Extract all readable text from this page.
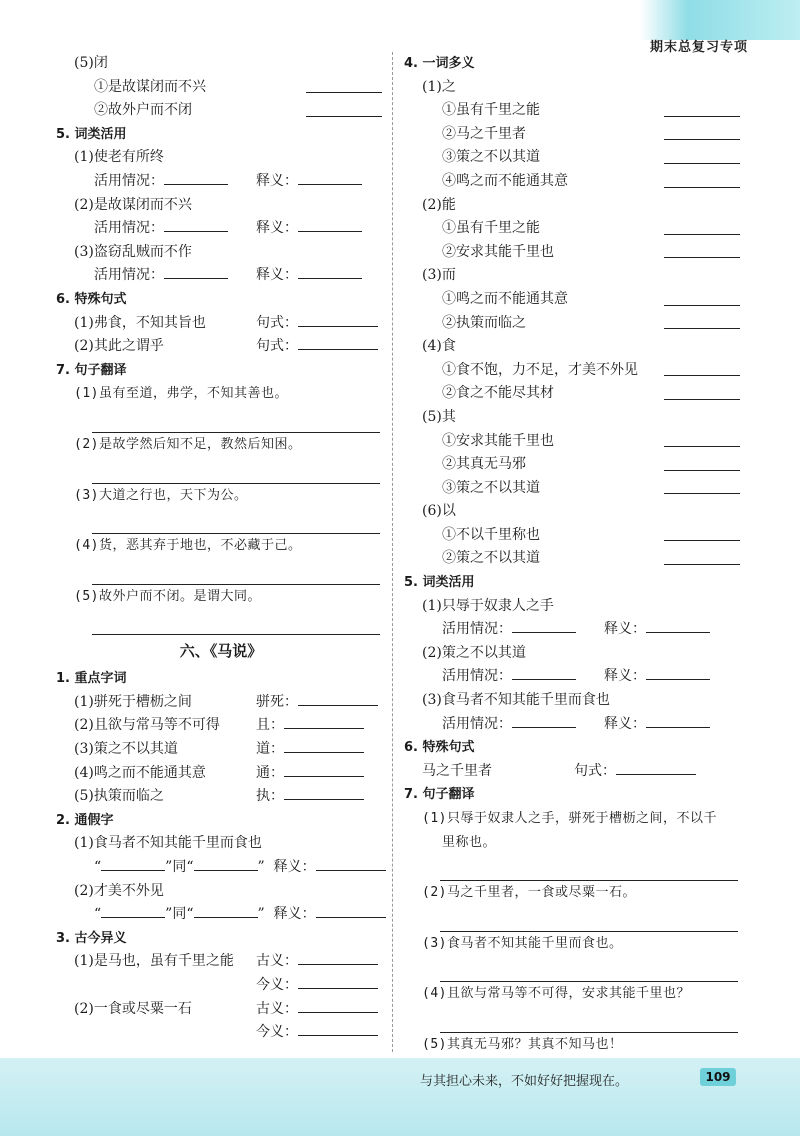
期末总复习专项
(5)闭
①是故谋闭而不兴
②故外户而不闭
5. 词类活用
(1)使老有所终
活用情况：	释义：
(2)是故谋闭而不兴
活用情况：	释义：
(3)盗窃乱贼而不作
活用情况：	释义：
6. 特殊句式
(1)弗食，不知其旨也	句式：
(2)其此之谓乎	句式：
7. 句子翻译
(1)虽有至道，弗学，不知其善也。
(2)是故学然后知不足，教然后知困。
(3)大道之行也，天下为公。
(4)货，恶其弃于地也，不必藏于己。
(5)故外户而不闭。是谓大同。
六、《马说》
1. 重点字词
(1)骈死于槽枥之间	骈死：
(2)且欲与常马等不可得	且：
(3)策之不以其道	道：
(4)鸣之而不能通其意	通：
(5)执策而临之	执：
2. 通假字
(1)食马者不知其能千里而食也
“	”同“	” 释义：
(2)才美不外见
“	”同“	” 释义：
3. 古今异义
(1)是马也，虽有千里之能 古义：
今义：
(2)一食或尽粟一石	古义：
今义：
4. 一词多义
(1)之
①虽有千里之能
②马之千里者
③策之不以其道
④鸣之而不能通其意
(2)能
①虽有千里之能
②安求其能千里也
(3)而
①鸣之而不能通其意
②执策而临之
(4)食
①食不饱，力不足，才美不外见
②食之不能尽其材
(5)其
①安求其能千里也
②其真无马邪
③策之不以其道
(6)以
①不以千里称也
②策之不以其道
5. 词类活用
(1)只辱于奴隶人之手
活用情况：	释义：
(2)策之不以其道
活用情况：	释义：
(3)食马者不知其能千里而食也
活用情况：	释义：
6. 特殊句式
马之千里者	句式：
7. 句子翻译
(1)只辱于奴隶人之手，骈死于槽枥之间，不以千
里称也。
(2)马之千里者，一食或尽粟一石。
(3)食马者不知其能千里而食也。
(4)且欲与常马等不可得，安求其能千里也？
(5)其真无马邪？其真不知马也！
与其担心未来，不如好好把握现在。	109
